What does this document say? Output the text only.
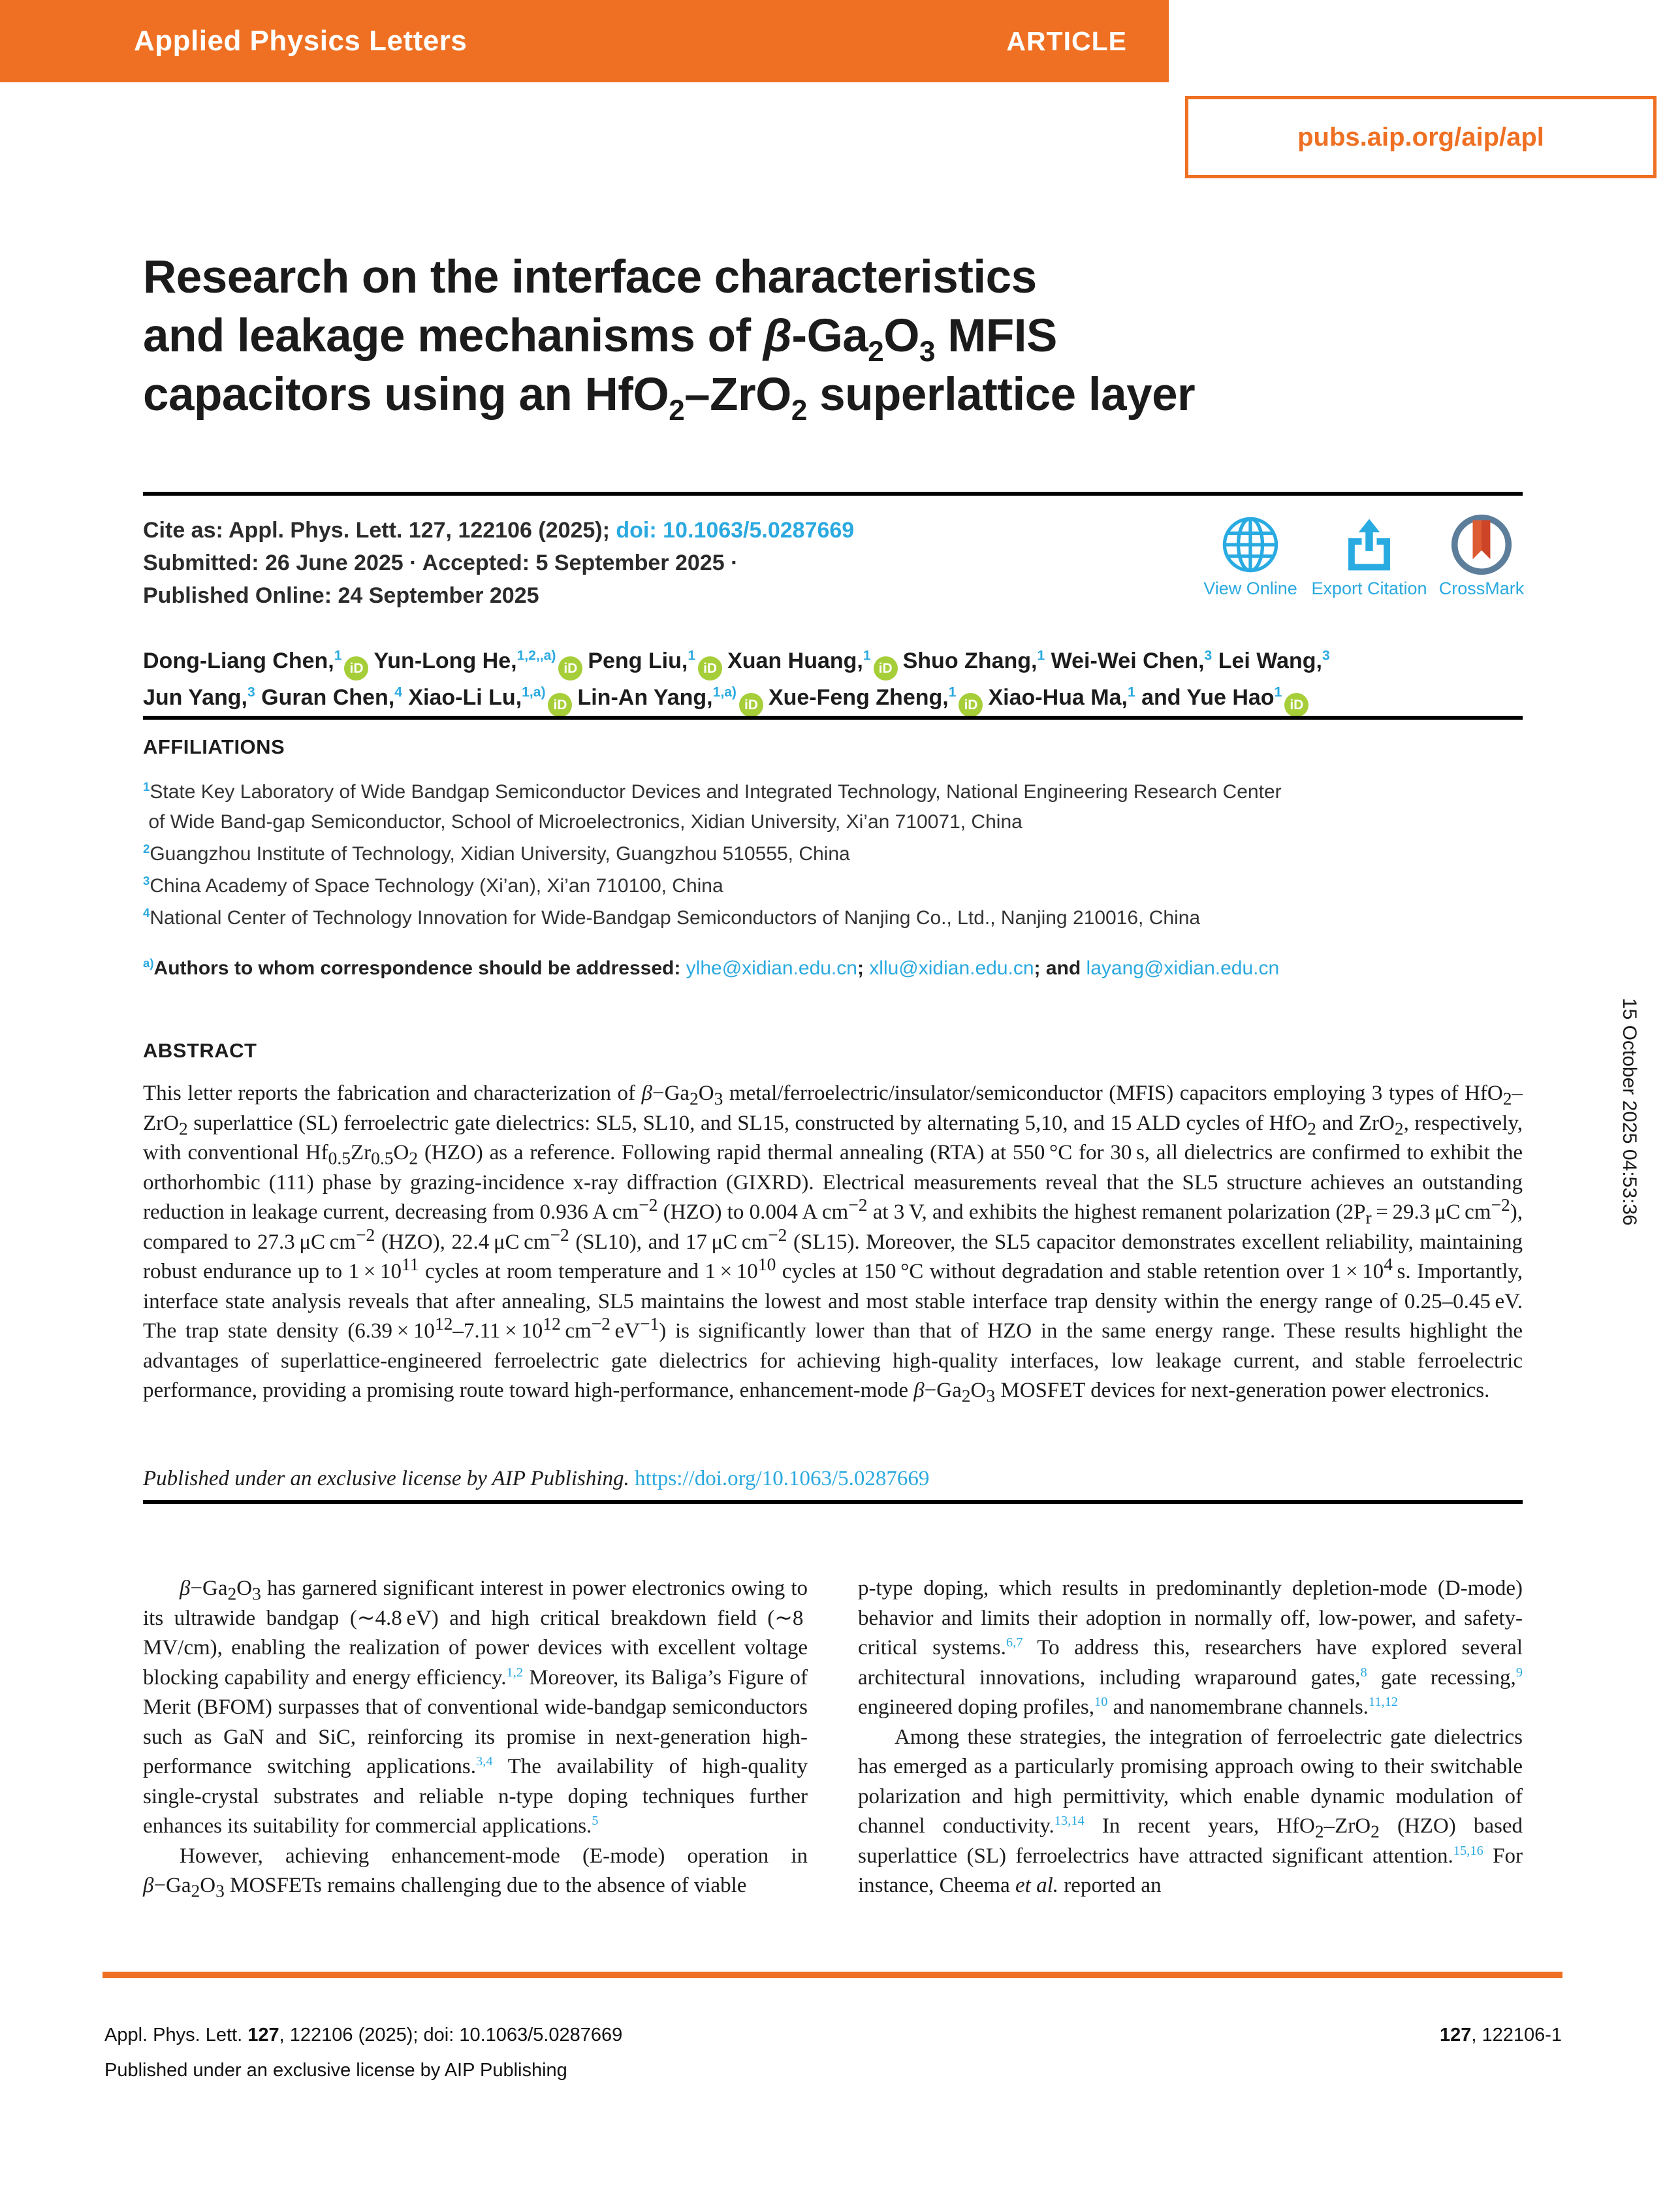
Applied Physics Letters	ARTICLE
pubs.aip.org/aip/apl
Research on the interface characteristics
and leakage mechanisms of $\beta-Ga_2O_3$ MFIS
capacitors using an HfO$_2$–ZrO$_2$ superlattice layer
Cite as: Appl. Phys. Lett. 127, 122106 (2025); doi: 10.1063/5.0287669
Submitted: 26 June 2025 · Accepted: 5 September 2025 ·
Published Online: 24 September 2025	View Online Export Citation CrossMark
Dong-Liang Chen,$^1$iD Yun-Long He,$^{1,2,,a)}$iD Peng Liu,$^1$iD Xuan Huang,$^1$iD Shuo Zhang,$^1$ Wei-Wei Chen,$^3$ Lei Wang,$^3$
Jun Yang,$^3$ Guran Chen,$^4$ Xiao-Li Lu,$^{1,a)}$iD Lin-An Yang,$^{1,a)}$iD Xue-Feng Zheng,$^1$iD Xiao-Hua Ma,$^1$ and Yue Hao$^1$iD
AFFILIATIONS
$^1$State Key Laboratory of Wide Bandgap Semiconductor Devices and Integrated Technology, National Engineering Research Center
of Wide Band-gap Semiconductor, School of Microelectronics, Xidian University, Xi’an 710071, China
$^2$Guangzhou Institute of Technology, Xidian University, Guangzhou 510555, China
$^3$China Academy of Space Technology (Xi’an), Xi’an 710100, China
$^4$National Center of Technology Innovation for Wide-Bandgap Semiconductors of Nanjing Co., Ltd., Nanjing 210016, China
$^{a)}$Authors to whom correspondence should be addressed: ylhe@xidian.edu.cn; xllu@xidian.edu.cn; and layang@xidian.edu.cn
ABSTRACT
This letter reports the fabrication and characterization of $\beta-Ga_2O_3$ metal/ferroelectric/insulator/semiconductor (MFIS) capacitors employing 3 types of HfO$_2$–ZrO$_2$ superlattice (SL) ferroelectric gate dielectrics: SL5, SL10, and SL15, constructed by alternating 5,10, and 15 ALD cycles of HfO$_2$ and ZrO$_2$, respectively, with conventional $Hf_{0.5}Zr_{0.5}O_2$ (HZO) as a reference. Following rapid thermal annealing (RTA) at 550 °C for 30 s, all dielectrics are confirmed to exhibit the orthorhombic (111) phase by grazing-incidence x-ray diffraction (GIXRD). Electrical measurements reveal that the SL5 structure achieves an outstanding reduction in leakage current, decreasing from 0.936 A $cm^{-2}$ (HZO) to 0.004 A $cm^{-2}$ at 3 V, and exhibits the highest remanent polarization ($2P_r = 29.3$ μC $cm^{-2}$), compared to 27.3 μC $cm^{-2}$ (HZO), 22.4 μC $cm^{-2}$ (SL10), and 17 μC $cm^{-2}$ (SL15). Moreover, the SL5 capacitor demonstrates excellent reliability, maintaining robust endurance up to $1 \times 10^{11}$ cycles at room temperature and $1 \times 10^{10}$ cycles at 150 °C without degradation and stable retention over $1 \times 10^4$ s. Importantly, interface state analysis reveals that after annealing, SL5 maintains the lowest and most stable interface trap density within the energy range of 0.25–0.45 eV. The trap state density ($6.39 \times 10^{12}-7.11 \times 10^{12}$ $cm^{-2}$ $eV^{-1}$) is significantly lower than that of HZO in the same energy range. These results highlight the advantages of superlattice-engineered ferroelectric gate dielectrics for achieving high-quality interfaces, low leakage current, and stable ferroelectric performance, providing a promising route toward high-performance, enhancement-mode $\beta-Ga_2O_3$ MOSFET devices for next-generation power electronics.
Published under an exclusive license by AIP Publishing. https://doi.org/10.1063/5.0287669

$\beta-Ga_2O_3$ has garnered significant interest in power electronics owing to its ultrawide bandgap (∼4.8 eV) and high critical breakdown field (∼8 MV/cm), enabling the realization of power devices with excellent voltage blocking capability and energy efficiency.$^{1,2}$ Moreover, its Baliga’s Figure of Merit (BFOM) surpasses that of conventional wide-bandgap semiconductors such as GaN and SiC, reinforcing its promise in next-generation high-performance switching applications.$^{3,4}$ The availability of high-quality single-crystal substrates and reliable n-type doping techniques further enhances its suitability for commercial applications.$^5$

However, achieving enhancement-mode (E-mode) operation in $\beta-Ga_2O_3$ MOSFETs remains challenging due to the absence of viable

p-type doping, which results in predominantly depletion-mode (D-mode) behavior and limits their adoption in normally off, low-power, and safety-critical systems.$^{6,7}$ To address this, researchers have explored several architectural innovations, including wraparound gates,$^8$ gate recessing,$^9$ engineered doping profiles,$^{10}$ and nanomembrane channels.$^{11,12}$

Among these strategies, the integration of ferroelectric gate dielectrics has emerged as a particularly promising approach owing to their switchable polarization and high permittivity, which enable dynamic modulation of channel conductivity.$^{13,14}$ In recent years, HfO$_2$–ZrO$_2$ (HZO) based superlattice (SL) ferroelectrics have attracted significant attention.$^{15,16}$ For instance, Cheema et al. reported an

Appl. Phys. Lett. 127, 122106 (2025); doi: 10.1063/5.0287669	127, 122106-1
Published under an exclusive license by AIP Publishing
15 October 2025 04:53:36
